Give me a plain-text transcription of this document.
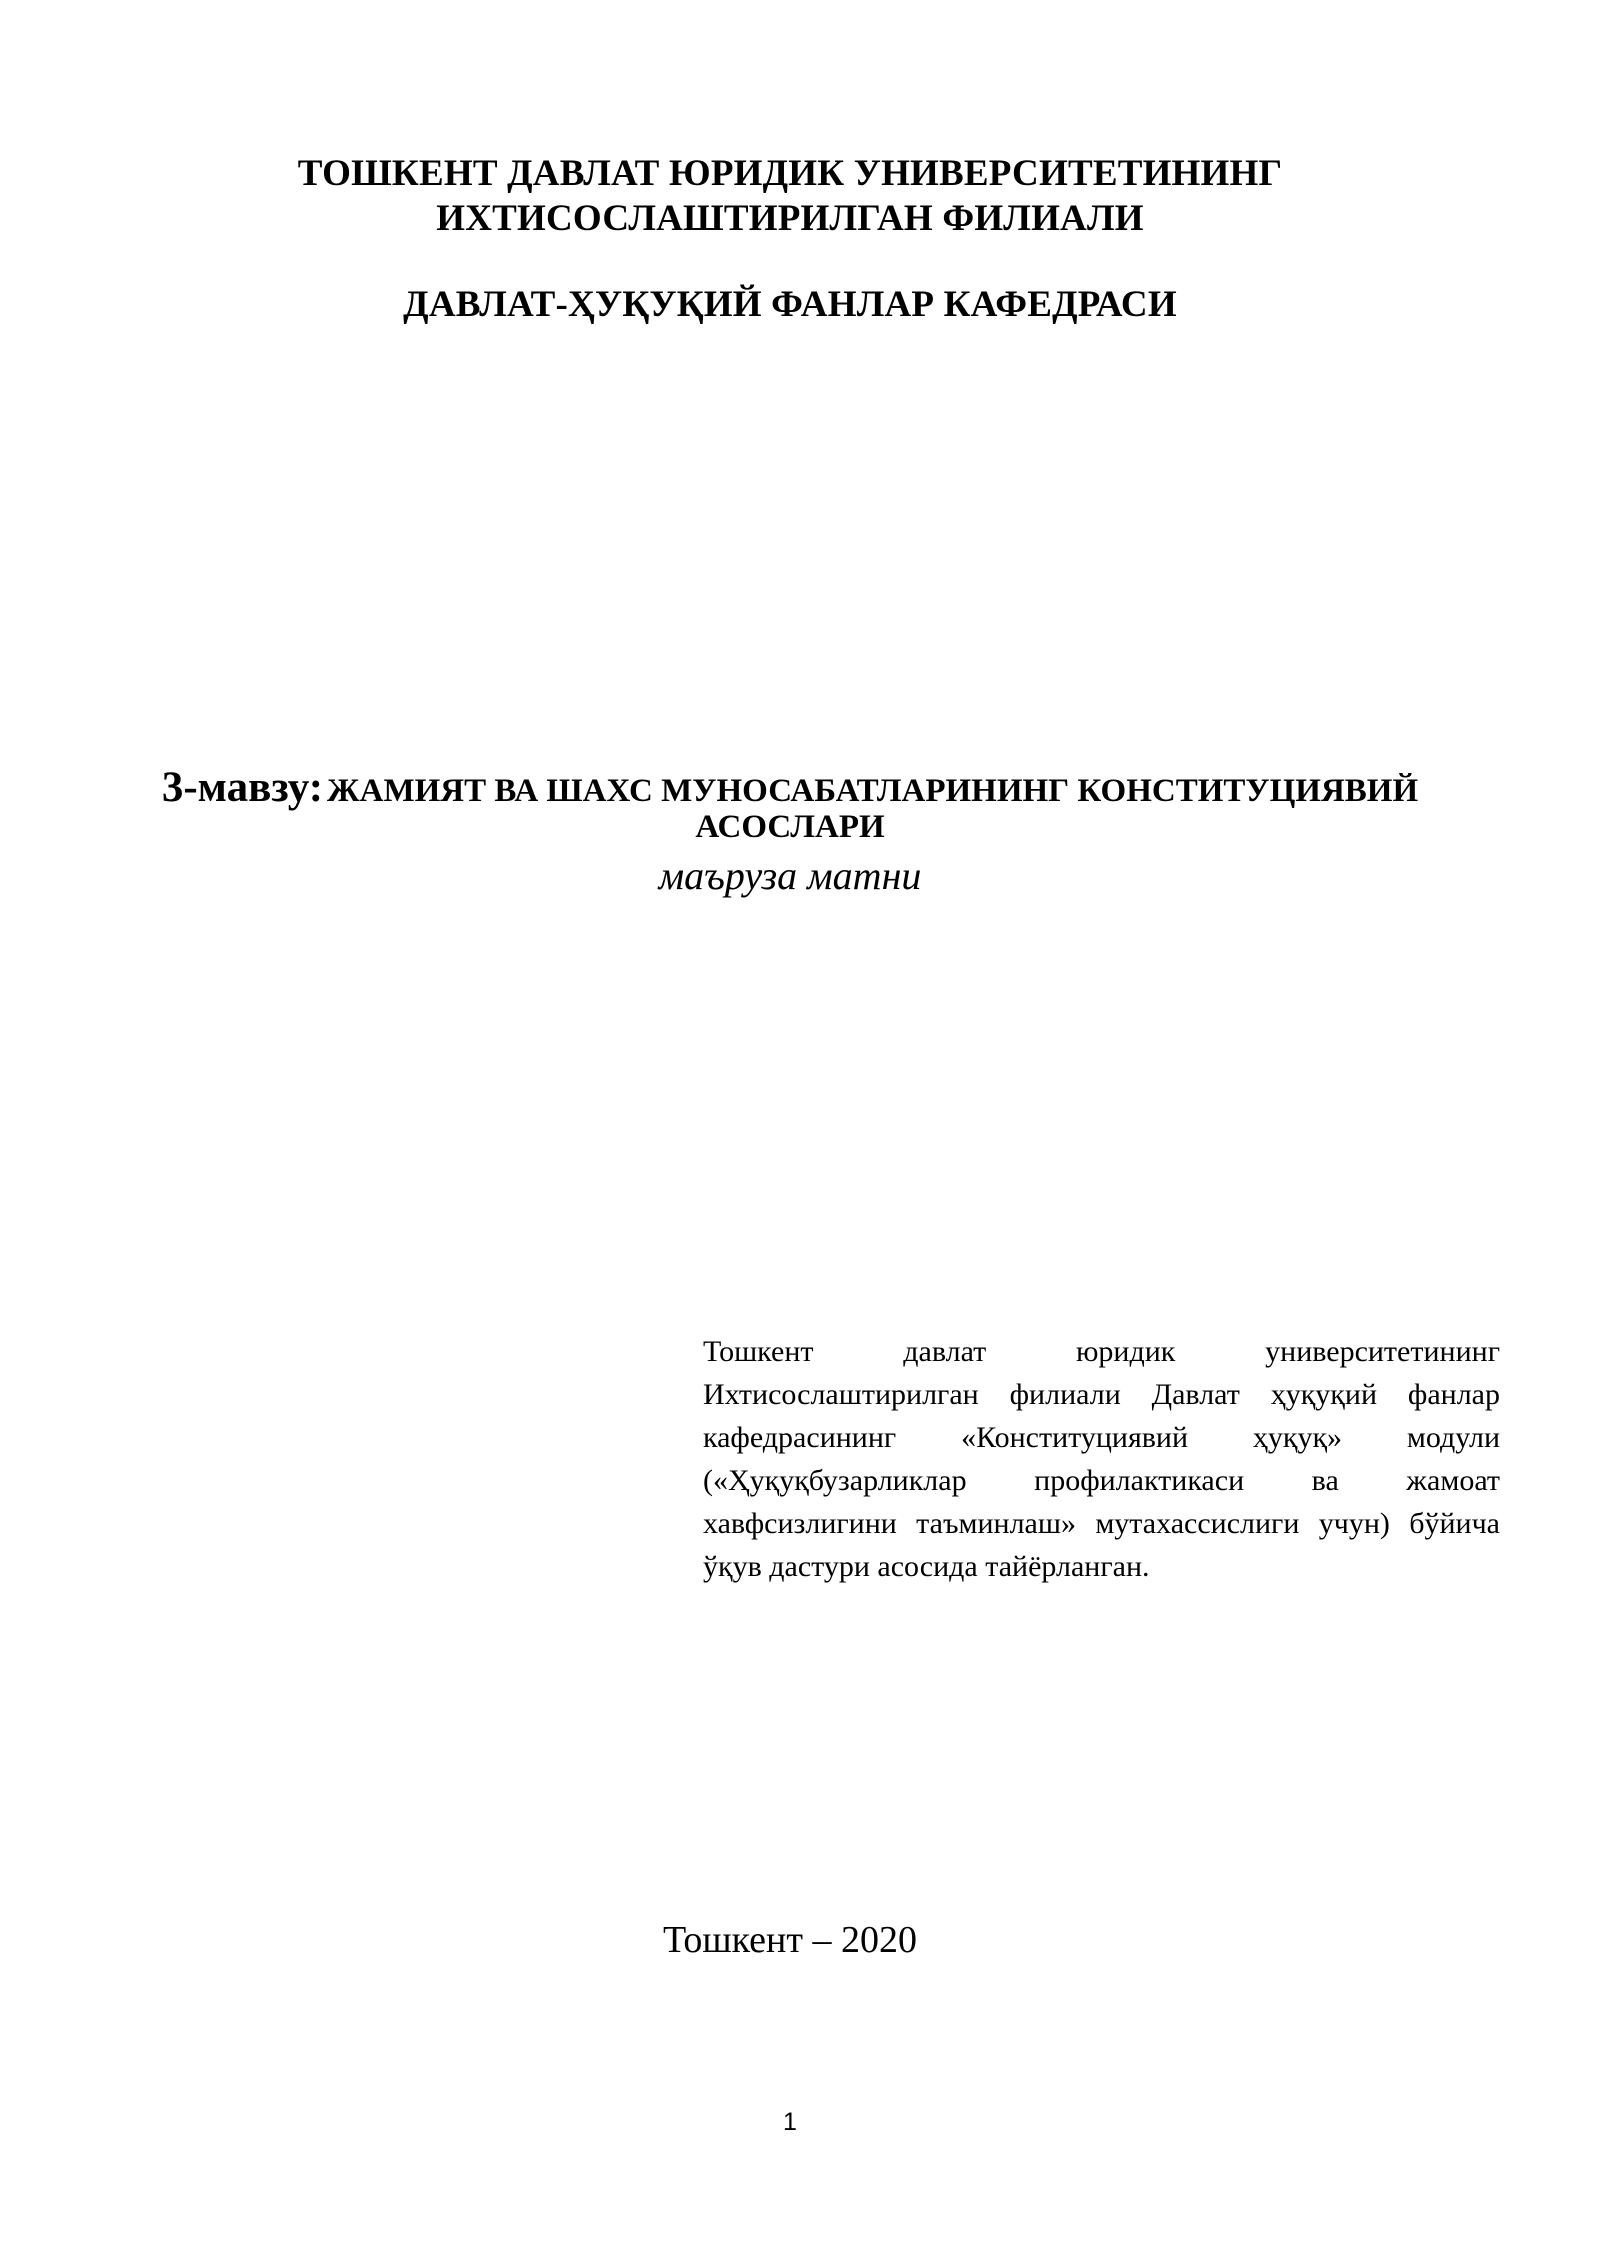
ТОШКЕНТ ДАВЛАТ ЮРИДИК УНИВЕРСИТЕТИНИНГ
ИХТИСОСЛАШТИРИЛГАН ФИЛИАЛИ
ДАВЛАТ-ҲУҚУҚИЙ ФАНЛАР КАФЕДРАСИ
3-мавзу: ЖАМИЯТ ВА ШАХС МУНОСАБАТЛАРИНИНГ КОНСТИТУЦИЯВИЙ
АСОСЛАРИ
маъруза матни
Тошкент давлат юридик университетининг Ихтисослаштирилган филиали Давлат ҳуқуқий фанлар кафедрасининг «Конституциявий ҳуқуқ» модули («Ҳуқуқбузарликлар профилактикаси ва жамоат хавфсизлигини таъминлаш» мутахассислиги учун) бўйича ўқув дастури асосида тайёрланган.
Тошкент – 2020
1
